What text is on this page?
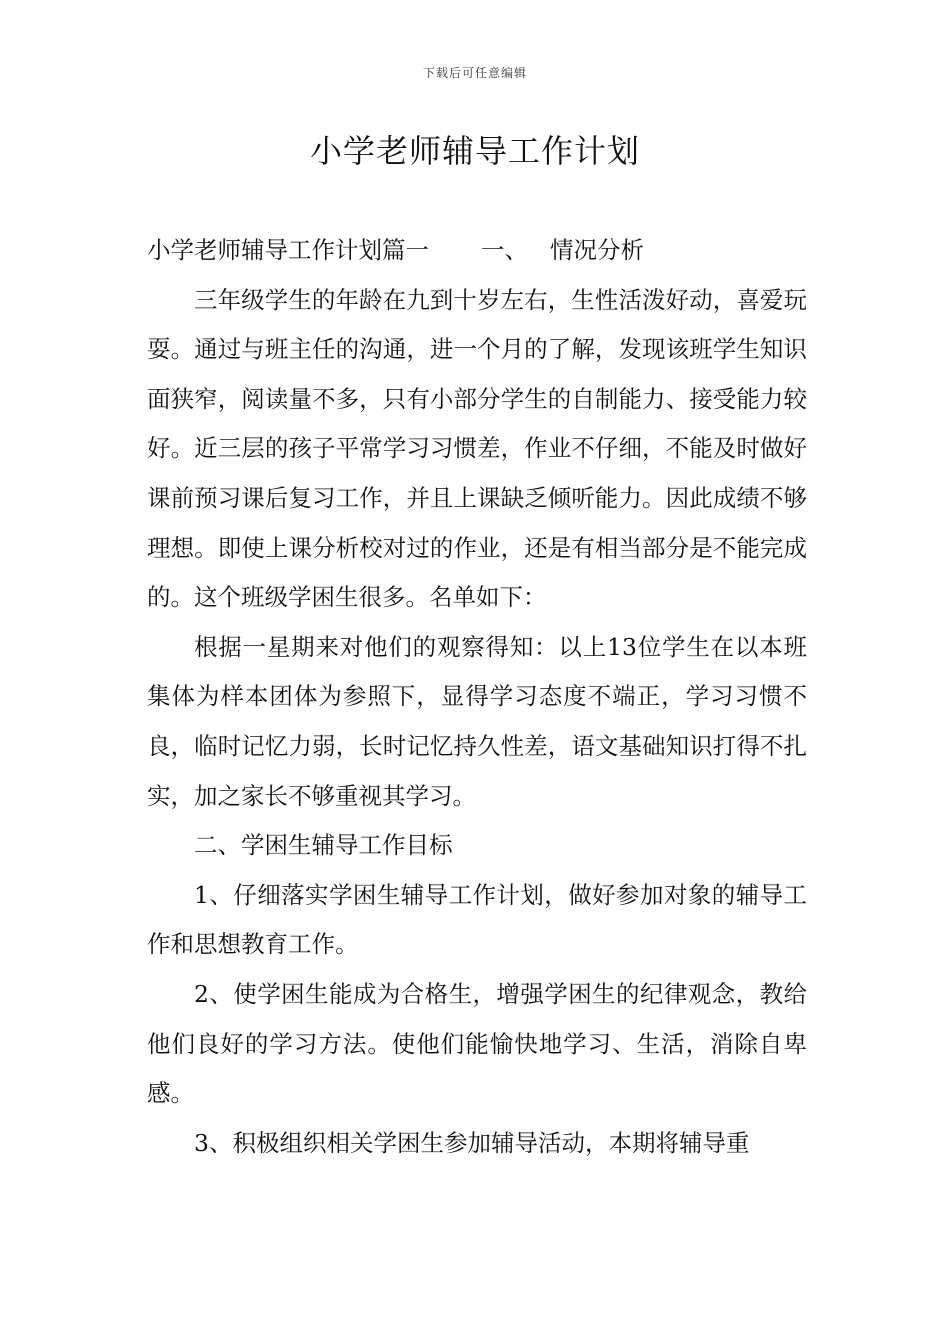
下载后可任意编辑
小学老师辅导工作计划

小学老师辅导工作计划篇一 一、 情况分析

三年级学生的年龄在九到十岁左右，生性活泼好动，喜爱玩耍。通过与班主任的沟通，进一个月的了解，发现该班学生知识面狭窄，阅读量不多，只有小部分学生的自制能力、接受能力较好。近三层的孩子平常学习习惯差，作业不仔细，不能及时做好课前预习课后复习工作，并且上课缺乏倾听能力。因此成绩不够理想。即使上课分析校对过的作业，还是有相当部分是不能完成的。这个班级学困生很多。名单如下：

根据一星期来对他们的观察得知：以上13位学生在以本班集体为样本团体为参照下，显得学习态度不端正，学习习惯不良，临时记忆力弱，长时记忆持久性差，语文基础知识打得不扎实，加之家长不够重视其学习。

二、学困生辅导工作目标

1、仔细落实学困生辅导工作计划，做好参加对象的辅导工作和思想教育工作。

2、使学困生能成为合格生，增强学困生的纪律观念，教给他们良好的学习方法。使他们能愉快地学习、生活，消除自卑感。

3、积极组织相关学困生参加辅导活动，本期将辅导重
